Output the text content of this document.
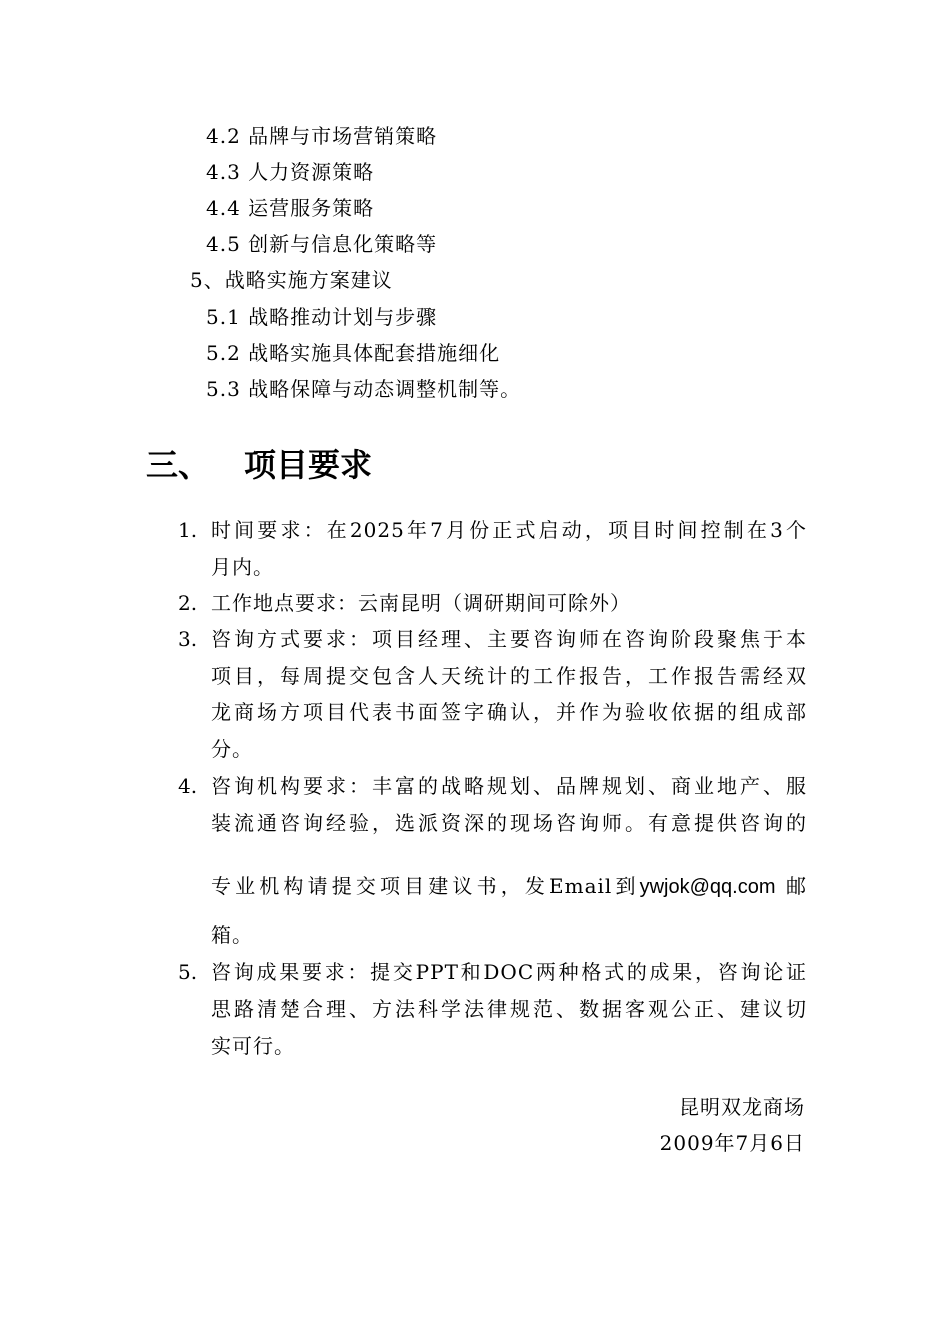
4.2 品牌与市场营销策略
4.3 人力资源策略
4.4 运营服务策略
4.5 创新与信息化策略等
5、战略实施方案建议
5.1 战略推动计划与步骤
5.2 战略实施具体配套措施细化
5.3 战略保障与动态调整机制等。
三、 项目要求
1. 时间要求：在2025年7月份正式启动，项目时间控制在3个
月内。
2. 工作地点要求：云南昆明（调研期间可除外）
3. 咨询方式要求：项目经理、主要咨询师在咨询阶段聚焦于本
项目，每周提交包含人天统计的工作报告，工作报告需经双
龙商场方项目代表书面签字确认，并作为验收依据的组成部
分。
4. 咨询机构要求：丰富的战略规划、品牌规划、商业地产、服
装流通咨询经验，选派资深的现场咨询师。有意提供咨询的
专业机构请提交项目建议书，发Email到ywjok@qq.com 邮
箱。
5. 咨询成果要求：提交PPT和DOC两种格式的成果，咨询论证
思路清楚合理、方法科学法律规范、数据客观公正、建议切
实可行。
昆明双龙商场
2009年7月6日
